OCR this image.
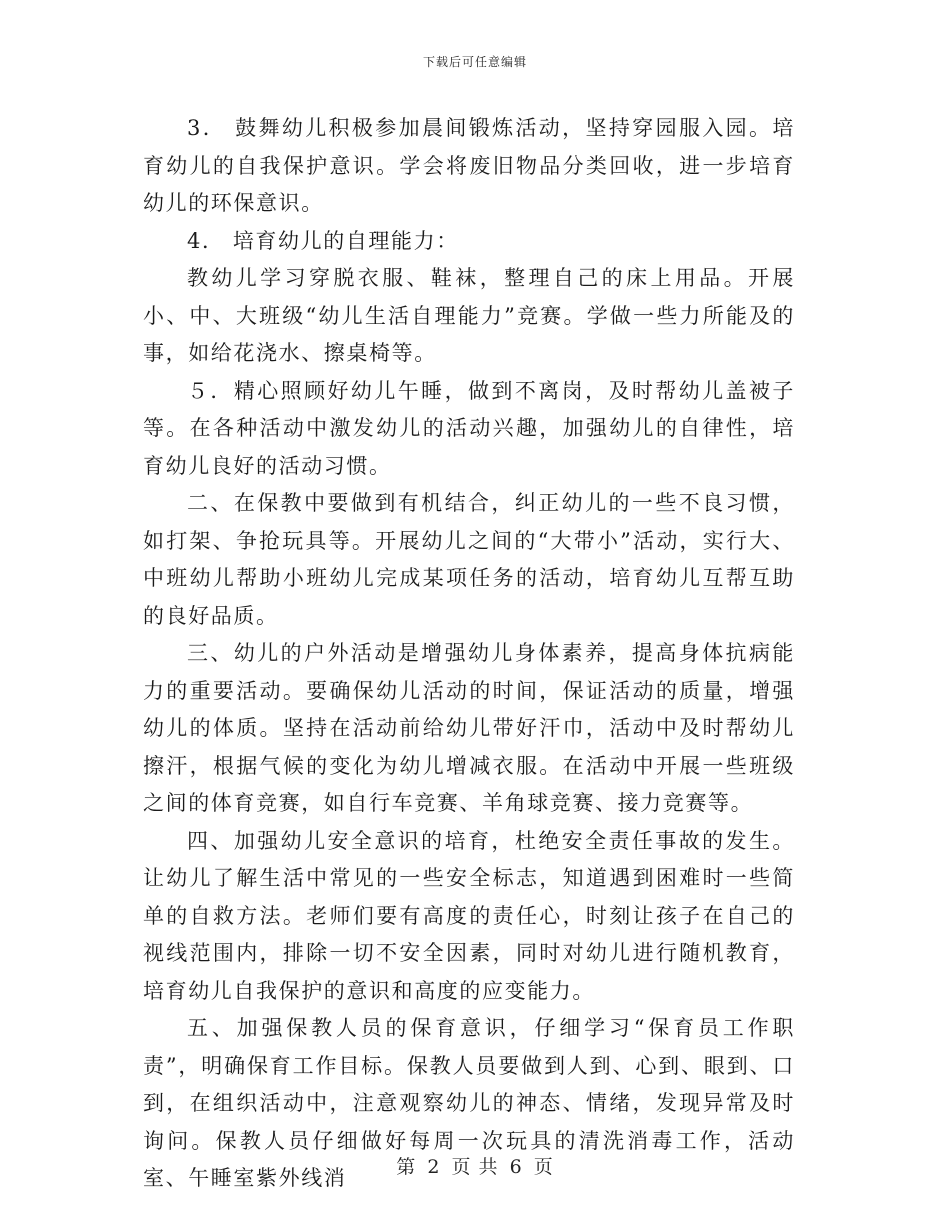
下载后可任意编辑

3． 鼓舞幼儿积极参加晨间锻炼活动，坚持穿园服入园。培育幼儿的自我保护意识。学会将废旧物品分类回收，进一步培育幼儿的环保意识。

4． 培育幼儿的自理能力：

教幼儿学习穿脱衣服、鞋袜，整理自己的床上用品。开展小、中、大班级“幼儿生活自理能力”竞赛。学做一些力所能及的事，如给花浇水、擦桌椅等。

５．精心照顾好幼儿午睡，做到不离岗，及时帮幼儿盖被子等。在各种活动中激发幼儿的活动兴趣，加强幼儿的自律性，培育幼儿良好的活动习惯。

二、在保教中要做到有机结合，纠正幼儿的一些不良习惯，如打架、争抢玩具等。开展幼儿之间的“大带小”活动，实行大、中班幼儿帮助小班幼儿完成某项任务的活动，培育幼儿互帮互助的良好品质。

三、幼儿的户外活动是增强幼儿身体素养，提高身体抗病能力的重要活动。要确保幼儿活动的时间，保证活动的质量，增强幼儿的体质。坚持在活动前给幼儿带好汗巾，活动中及时帮幼儿擦汗，根据气候的变化为幼儿增减衣服。在活动中开展一些班级之间的体育竞赛，如自行车竞赛、羊角球竞赛、接力竞赛等。

四、加强幼儿安全意识的培育，杜绝安全责任事故的发生。让幼儿了解生活中常见的一些安全标志，知道遇到困难时一些简单的自救方法。老师们要有高度的责任心，时刻让孩子在自己的视线范围内，排除一切不安全因素，同时对幼儿进行随机教育，培育幼儿自我保护的意识和高度的应变能力。

五、加强保教人员的保育意识，仔细学习“保育员工作职责”，明确保育工作目标。保教人员要做到人到、心到、眼到、口到，在组织活动中，注意观察幼儿的神态、情绪，发现异常及时询问。保教人员仔细做好每周一次玩具的清洗消毒工作，活动室、午睡室紫外线消	第 2 页 共 6 页
